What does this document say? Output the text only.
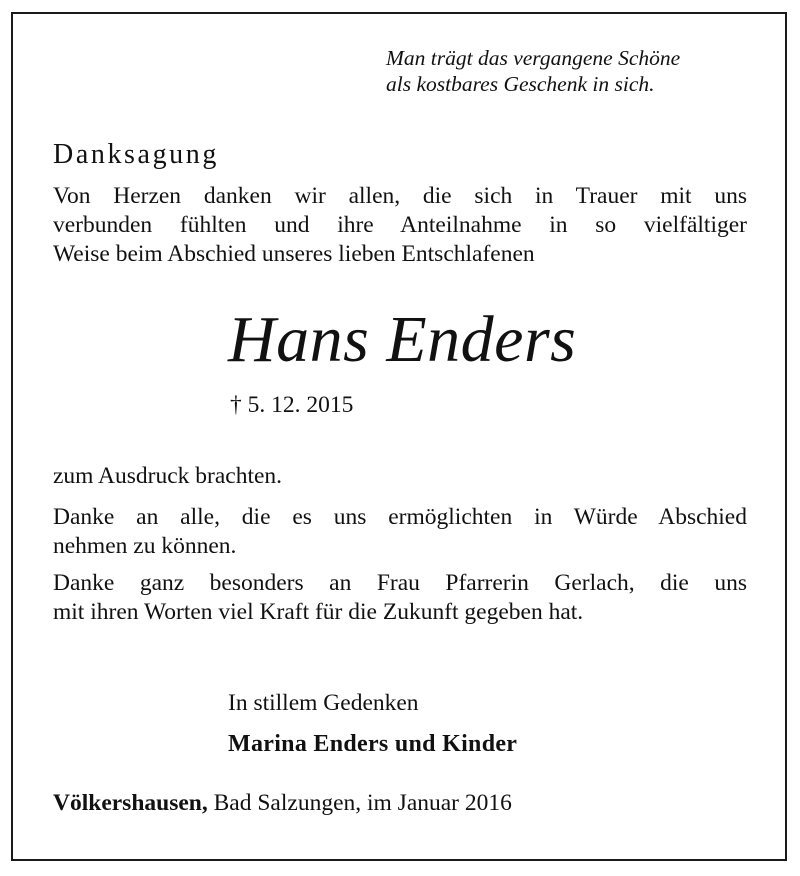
Man trägt das vergangene Schöne
als kostbares Geschenk in sich.
Danksagung
Von Herzen danken wir allen, die sich in Trauer mit uns
verbunden fühlten und ihre Anteilnahme in so vielfältiger
Weise beim Abschied unseres lieben Entschlafenen
Hans Enders
† 5. 12. 2015
zum Ausdruck brachten.
Danke an alle, die es uns ermöglichten in Würde Abschied
nehmen zu können.
Danke ganz besonders an Frau Pfarrerin Gerlach, die uns
mit ihren Worten viel Kraft für die Zukunft gegeben hat.
In stillem Gedenken
Marina Enders und Kinder
Völkershausen, Bad Salzungen, im Januar 2016
